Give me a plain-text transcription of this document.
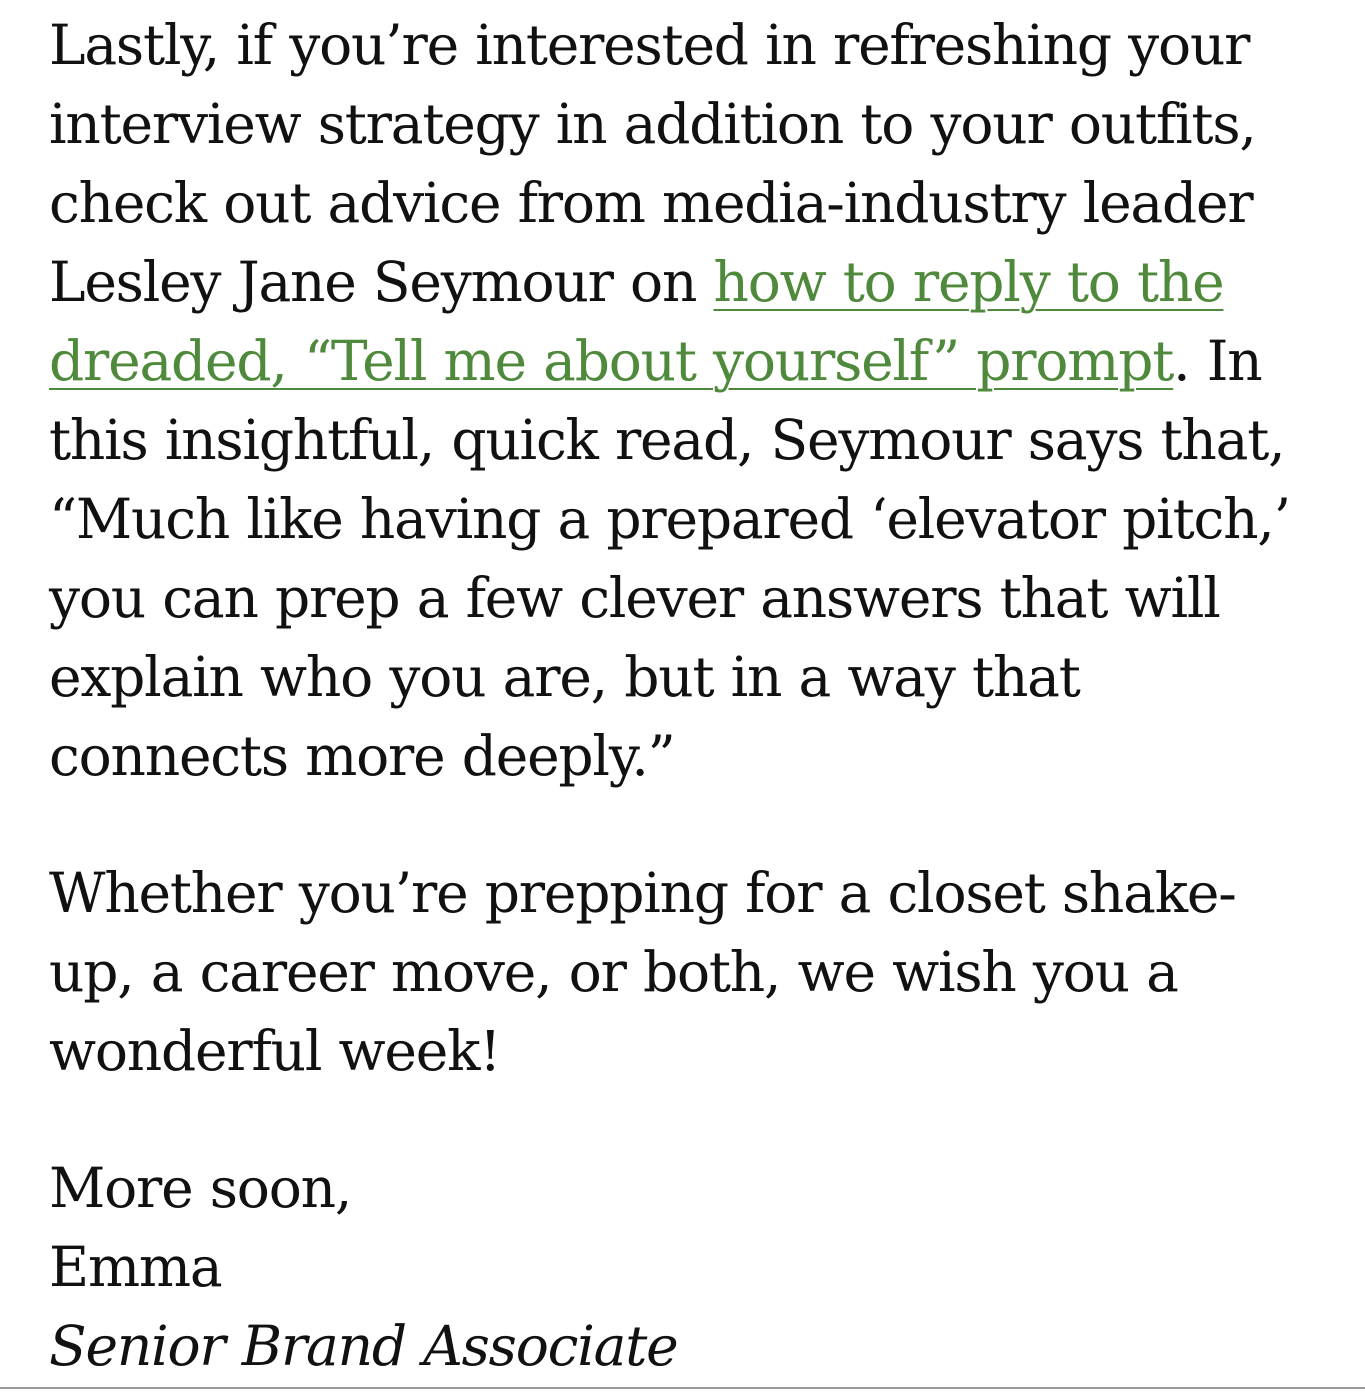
Lastly, if you’re interested in refreshing your interview strategy in addition to your outfits, check out advice from media-industry leader Lesley Jane Seymour on how to reply to the dreaded, “Tell me about yourself” prompt. In this insightful, quick read, Seymour says that, “Much like having a prepared ‘elevator pitch,’ you can prep a few clever answers that will explain who you are, but in a way that connects more deeply.”

Whether you’re prepping for a closet shake-up, a career move, or both, we wish you a wonderful week!

More soon,
Emma
Senior Brand Associate
